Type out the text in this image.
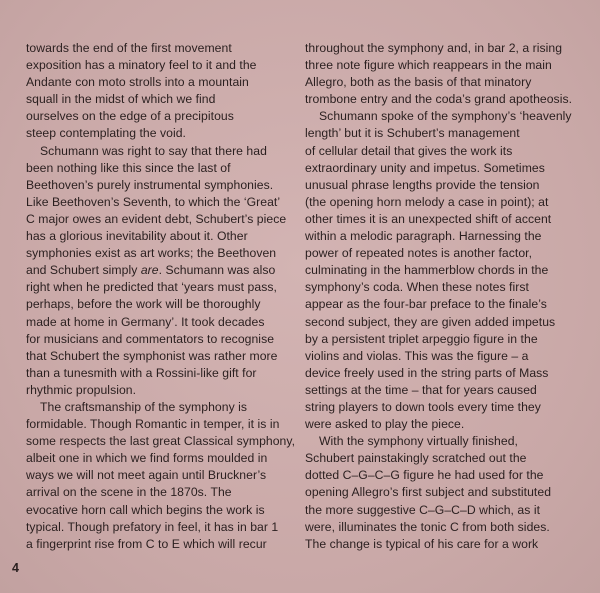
towards the end of the first movement
exposition has a minatory feel to it and the
Andante con moto strolls into a mountain
squall in the midst of which we find
ourselves on the edge of a precipitous
steep contemplating the void.
Schumann was right to say that there had
been nothing like this since the last of
Beethoven’s purely instrumental symphonies.
Like Beethoven’s Seventh, to which the ‘Great’
C major owes an evident debt, Schubert’s piece
has a glorious inevitability about it. Other
symphonies exist as art works; the Beethoven
and Schubert simply are. Schumann was also
right when he predicted that ‘years must pass,
perhaps, before the work will be thoroughly
made at home in Germany’. It took decades
for musicians and commentators to recognise
that Schubert the symphonist was rather more
than a tunesmith with a Rossini-like gift for
rhythmic propulsion.
The craftsmanship of the symphony is
formidable. Though Romantic in temper, it is in
some respects the last great Classical symphony,
albeit one in which we find forms moulded in
ways we will not meet again until Bruckner’s
arrival on the scene in the 1870s. The
evocative horn call which begins the work is
typical. Though prefatory in feel, it has in bar 1
a fingerprint rise from C to E which will recur
throughout the symphony and, in bar 2, a rising
three note figure which reappears in the main
Allegro, both as the basis of that minatory
trombone entry and the coda’s grand apotheosis.
Schumann spoke of the symphony’s ‘heavenly
length’ but it is Schubert’s management
of cellular detail that gives the work its
extraordinary unity and impetus. Sometimes
unusual phrase lengths provide the tension
(the opening horn melody a case in point); at
other times it is an unexpected shift of accent
within a melodic paragraph. Harnessing the
power of repeated notes is another factor,
culminating in the hammerblow chords in the
symphony’s coda. When these notes first
appear as the four-bar preface to the finale’s
second subject, they are given added impetus
by a persistent triplet arpeggio figure in the
violins and violas. This was the figure – a
device freely used in the string parts of Mass
settings at the time – that for years caused
string players to down tools every time they
were asked to play the piece.
With the symphony virtually finished,
Schubert painstakingly scratched out the
dotted C–G–C–G figure he had used for the
opening Allegro’s first subject and substituted
the more suggestive C–G–C–D which, as it
were, illuminates the tonic C from both sides.
The change is typical of his care for a work
4
